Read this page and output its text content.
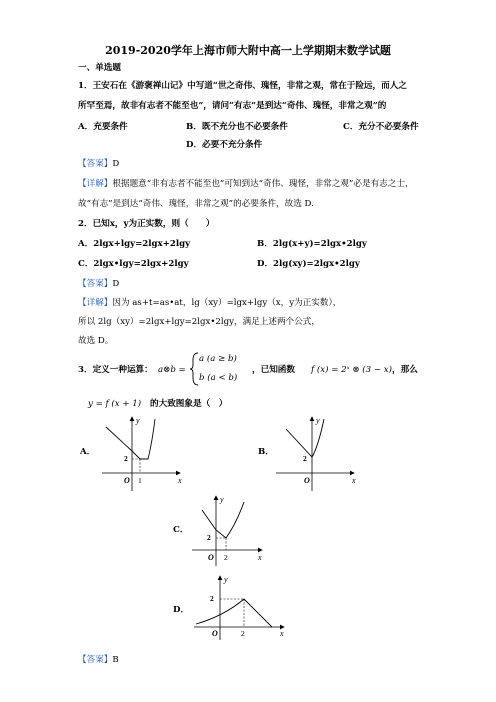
2019-2020学年上海市师大附中高一上学期期末数学试题
一、单选题
1．王安石在《游褒禅山记》中写道“世之奇伟、瑰怪，非常之观，常在于险远，而人之
所罕至焉，故非有志者不能至也”，请问“有志”是到达“奇伟、瑰怪，非常之观”的
A．充要条件	B．既不充分也不必要条件	C．充分不必要条件
D．必要不充分条件
【答案】D
【详解】根据题意“非有志者不能至也”可知到达“奇伟、瑰怪，非常之观”必是有志之士，
故“有志”是到达“奇伟、瑰怪，非常之观”的必要条件，故选 D.
2．已知x，y为正实数，则（　　）
A．2lgx+lgy=2lgx+2lgy	B．2lg(x+y)=2lgx•2lgy
C．2lgx•lgy=2lgx+2lgy	D．2lg(xy)=2lgx•2lgy
【答案】D
【详解】因为 as+t=as•at，lg（xy）=lgx+lgy（x，y为正实数），
所以 2lg（xy）=2lgx+lgy=2lgx•2lgy，满足上述两个公式，
故选 D。
3．定义一种运算： a⊗b =
a (a ≥ b)
b (a < b)
，已知函数 f (x) = 2ˣ ⊗ (3 − x) ，那么
y = f (x + 1) 的大致图象是（　）
A．	B．
C．
D．
y
x
O
2
1
y
x
O
2
y
x
O
2
2
y
x
O
2
2
【答案】B
